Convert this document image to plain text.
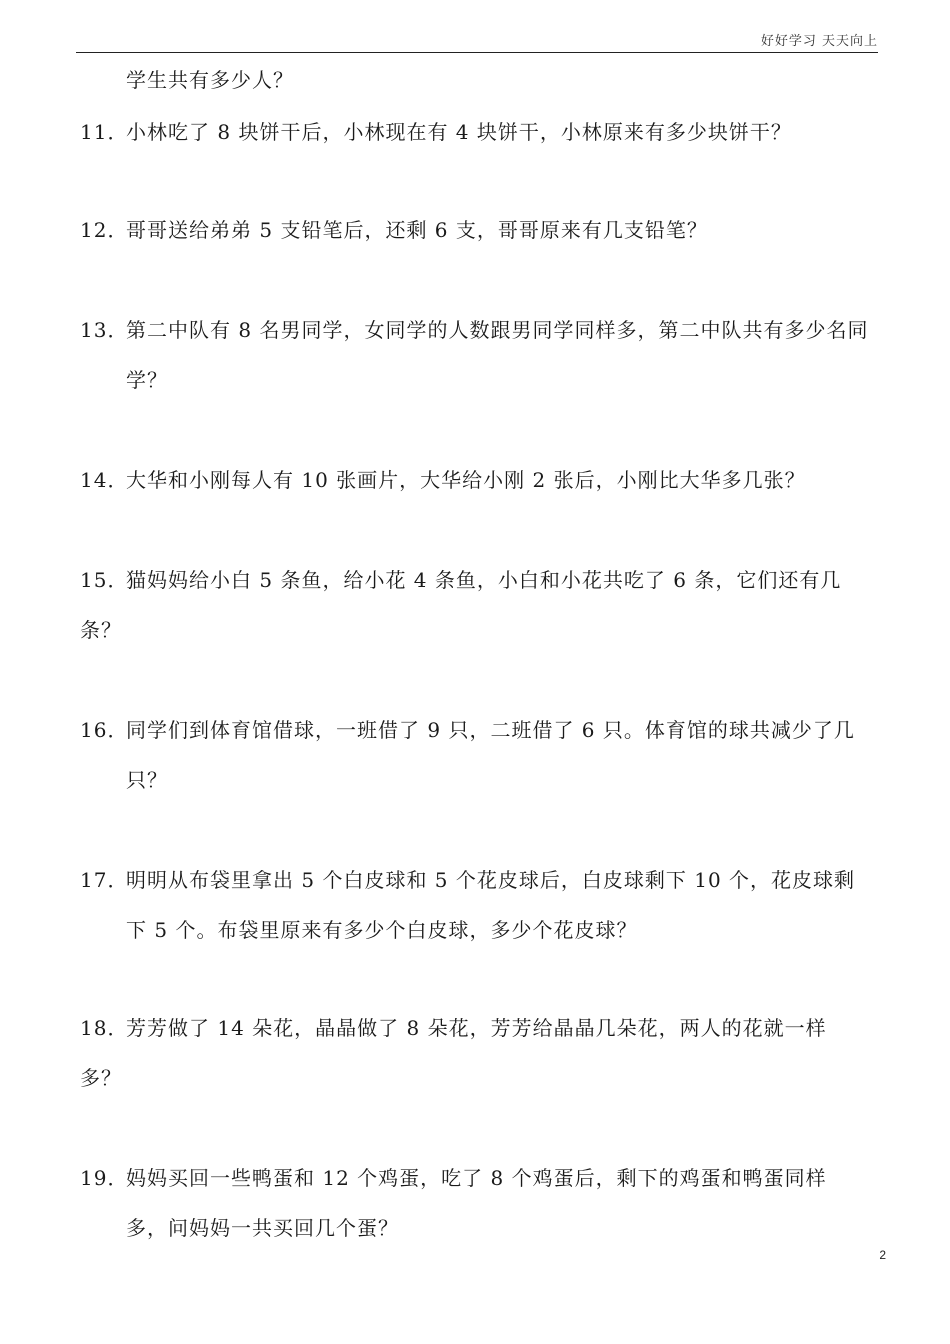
好好学习 天天向上
学生共有多少人？
11．
小林吃了 8 块饼干后，小林现在有 4 块饼干，小林原来有多少块饼干？
12．
哥哥送给弟弟 5 支铅笔后，还剩 6 支，哥哥原来有几支铅笔？
13．
第二中队有 8 名男同学，女同学的人数跟男同学同样多，第二中队共有多少名同
学？
14．
大华和小刚每人有 10 张画片，大华给小刚 2 张后，小刚比大华多几张？
15．
猫妈妈给小白 5 条鱼，给小花 4 条鱼，小白和小花共吃了 6 条，它们还有几
条？
16．
同学们到体育馆借球，一班借了 9 只，二班借了 6 只。体育馆的球共减少了几
只？
17．
明明从布袋里拿出 5 个白皮球和 5 个花皮球后，白皮球剩下 10 个，花皮球剩
下 5 个。布袋里原来有多少个白皮球，多少个花皮球？
18．
芳芳做了 14 朵花，晶晶做了 8 朵花，芳芳给晶晶几朵花，两人的花就一样
多？
19．
妈妈买回一些鸭蛋和 12 个鸡蛋，吃了 8 个鸡蛋后，剩下的鸡蛋和鸭蛋同样
多，问妈妈一共买回几个蛋？
2
